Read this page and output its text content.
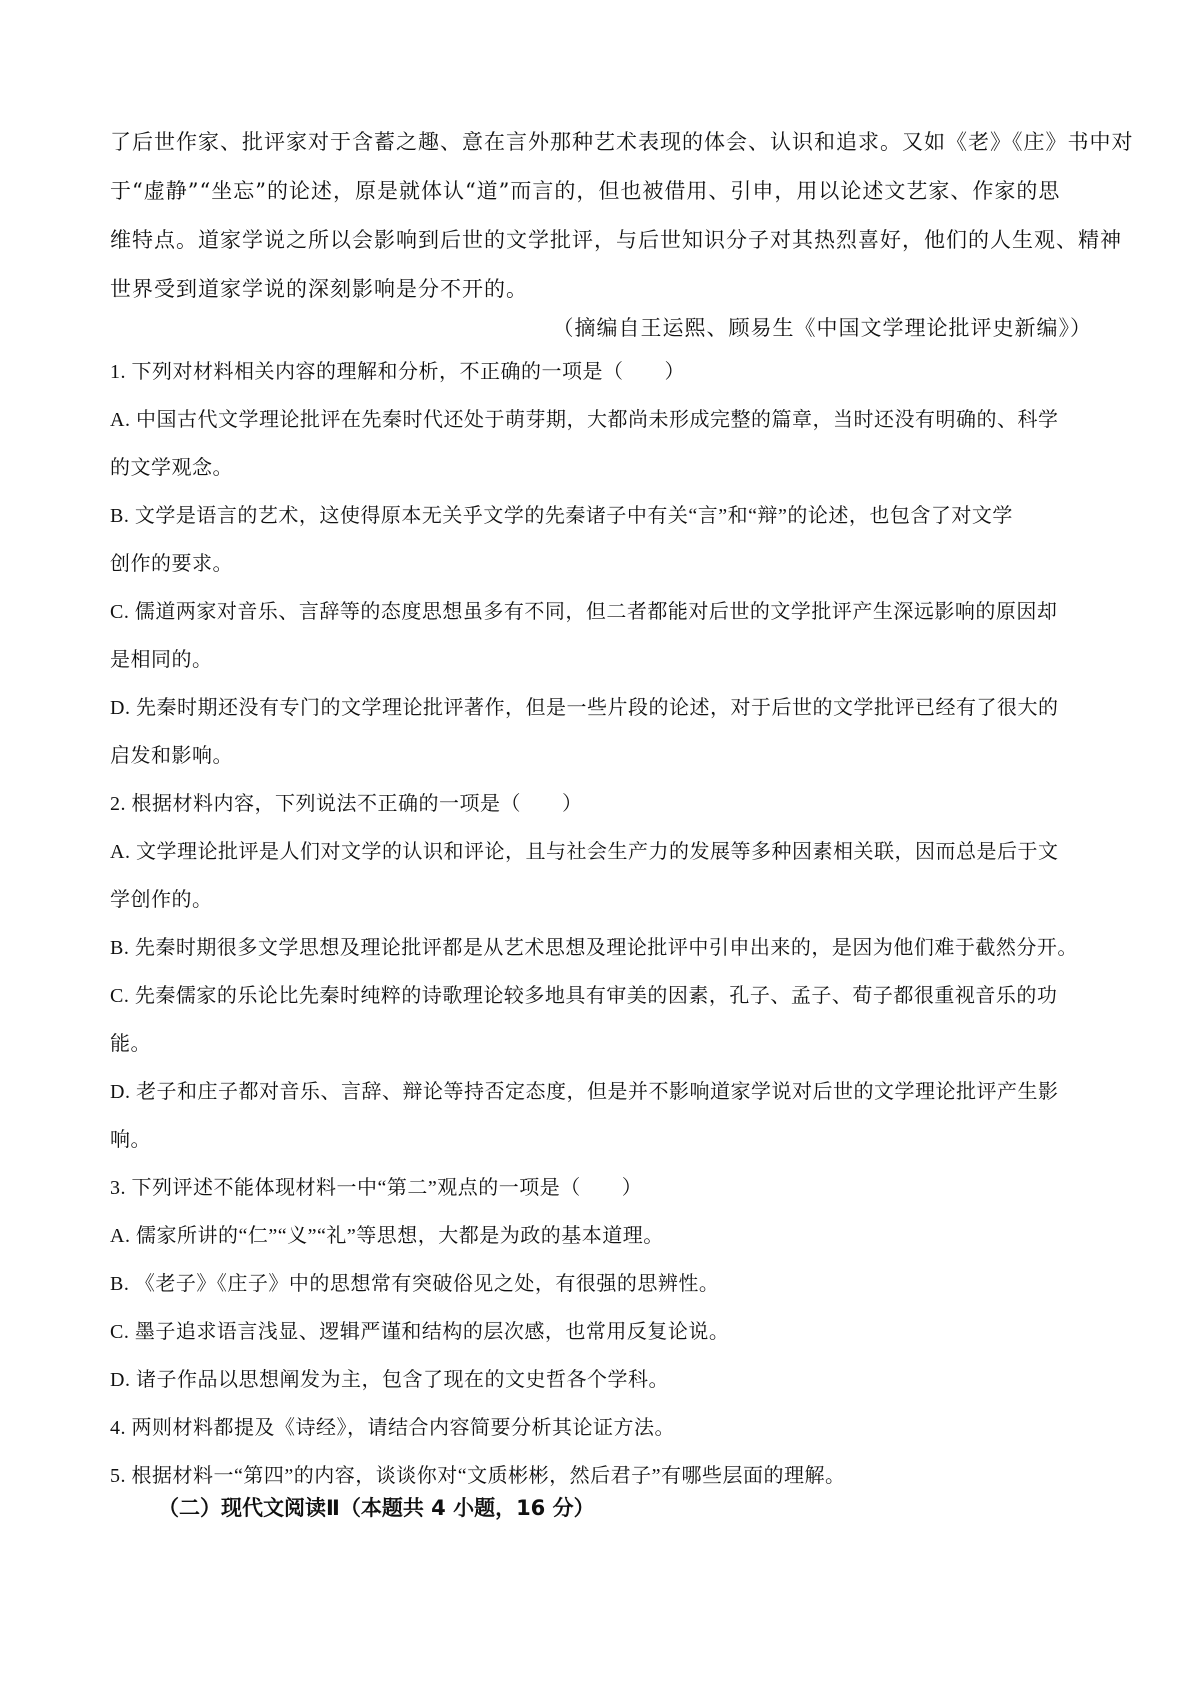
了后世作家、批评家对于含蓄之趣、意在言外那种艺术表现的体会、认识和追求。又如《老》《庄》书中对
于“虚静”“坐忘”的论述，原是就体认“道”而言的，但也被借用、引申，用以论述文艺家、作家的思
维特点。道家学说之所以会影响到后世的文学批评，与后世知识分子对其热烈喜好，他们的人生观、精神
世界受到道家学说的深刻影响是分不开的。
（摘编自王运熙、顾易生《中国文学理论批评史新编》）
1. 下列对材料相关内容的理解和分析，不正确的一项是（　　）
A. 中国古代文学理论批评在先秦时代还处于萌芽期，大都尚未形成完整的篇章，当时还没有明确的、科学
的文学观念。
B. 文学是语言的艺术，这使得原本无关乎文学的先秦诸子中有关“言”和“辩”的论述，也包含了对文学
创作的要求。
C. 儒道两家对音乐、言辞等的态度思想虽多有不同，但二者都能对后世的文学批评产生深远影响的原因却
是相同的。
D. 先秦时期还没有专门的文学理论批评著作，但是一些片段的论述，对于后世的文学批评已经有了很大的
启发和影响。
2. 根据材料内容，下列说法不正确的一项是（　　）
A. 文学理论批评是人们对文学的认识和评论，且与社会生产力的发展等多种因素相关联，因而总是后于文
学创作的。
B. 先秦时期很多文学思想及理论批评都是从艺术思想及理论批评中引申出来的，是因为他们难于截然分开。
C. 先秦儒家的乐论比先秦时纯粹的诗歌理论较多地具有审美的因素，孔子、孟子、荀子都很重视音乐的功
能。
D. 老子和庄子都对音乐、言辞、辩论等持否定态度，但是并不影响道家学说对后世的文学理论批评产生影
响。
3. 下列评述不能体现材料一中“第二”观点的一项是（　　）
A. 儒家所讲的“仁”“义”“礼”等思想，大都是为政的基本道理。
B. 《老子》《庄子》中的思想常有突破俗见之处，有很强的思辨性。
C. 墨子追求语言浅显、逻辑严谨和结构的层次感，也常用反复论说。
D. 诸子作品以思想阐发为主，包含了现在的文史哲各个学科。
4. 两则材料都提及《诗经》，请结合内容简要分析其论证方法。
5. 根据材料一“第四”的内容，谈谈你对“文质彬彬，然后君子”有哪些层面的理解。
（二）现代文阅读Ⅱ（本题共 4 小题，16 分）
